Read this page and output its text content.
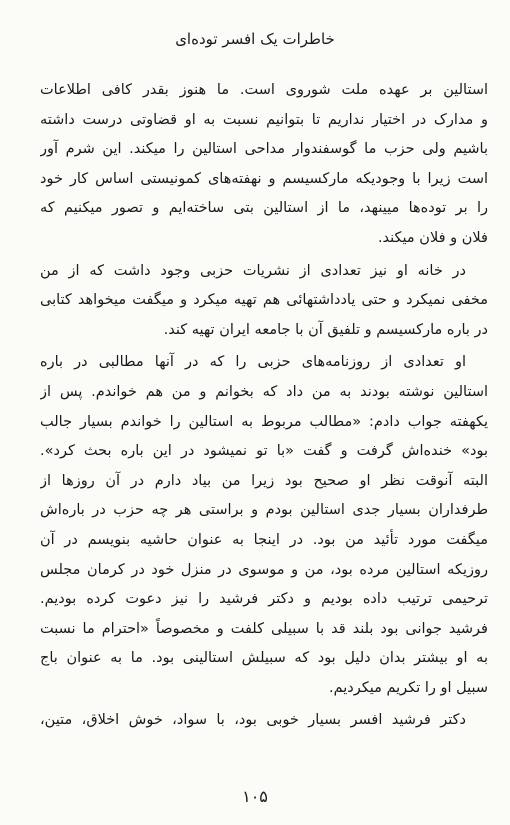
خاطرات یک افسر توده‌ای
استالین بر عهده ملت شوروی است. ما هنوز بقدر کافی اطلاعات
و مدارک در اختیار نداریم تا بتوانیم نسبت به او قضاوتی درست داشته
باشیم ولی حزب ما گوسفندوار مداحی استالین را میکند. این شرم آور
است زیرا با وجودیکه مارکسیسم و نهفته‌های کمونیستی اساس کار خود
را بر توده‌ها میینهد، ما از استالین بتی ساخته‌ایم و تصور میکنیم که
فلان و فلان میکند.
در خانه او نیز تعدادی از نشریات حزبی وجود داشت که از من
مخفی نمیکرد و حتی یادداشتهائی هم تهیه میکرد و میگفت میخواهد کتابی
در باره مارکسیسم و تلفیق آن با جامعه ایران تهیه کند.
او تعدادی از روزنامه‌های حزبی را که در آنها مطالبی در باره
استالین نوشته بودند به من داد که بخوانم و من هم خواندم. پس از
یکهفته جواب دادم: «مطالب مربوط به استالین را خواندم بسیار جالب
بود» خنده‌اش گرفت و گفت «با تو نمیشود در این باره بحث کرد».
البته آنوقت نظر او صحیح بود زیرا من بیاد دارم در آن روزها از
طرفداران بسیار جدی استالین بودم و براستی هر چه حزب در باره‌اش
میگفت مورد تأئید من بود. در اینجا به عنوان حاشیه بنویسم در آن
روزیکه استالین مرده بود، من و موسوی در منزل خود در کرمان مجلس
ترحیمی ترتیب داده بودیم و دکتر فرشید را نیز دعوت کرده بودیم.
فرشید جوانی بود بلند قد با سبیلی کلفت و مخصوصاً «احترام ما نسبت
به او بیشتر بدان دلیل بود که سبیلش استالینی بود. ما به عنوان باج
سبیل او را تکریم میکردیم.
دکتر فرشید افسر بسیار خوبی بود، با سواد، خوش اخلاق، متین،
۱۰۵
